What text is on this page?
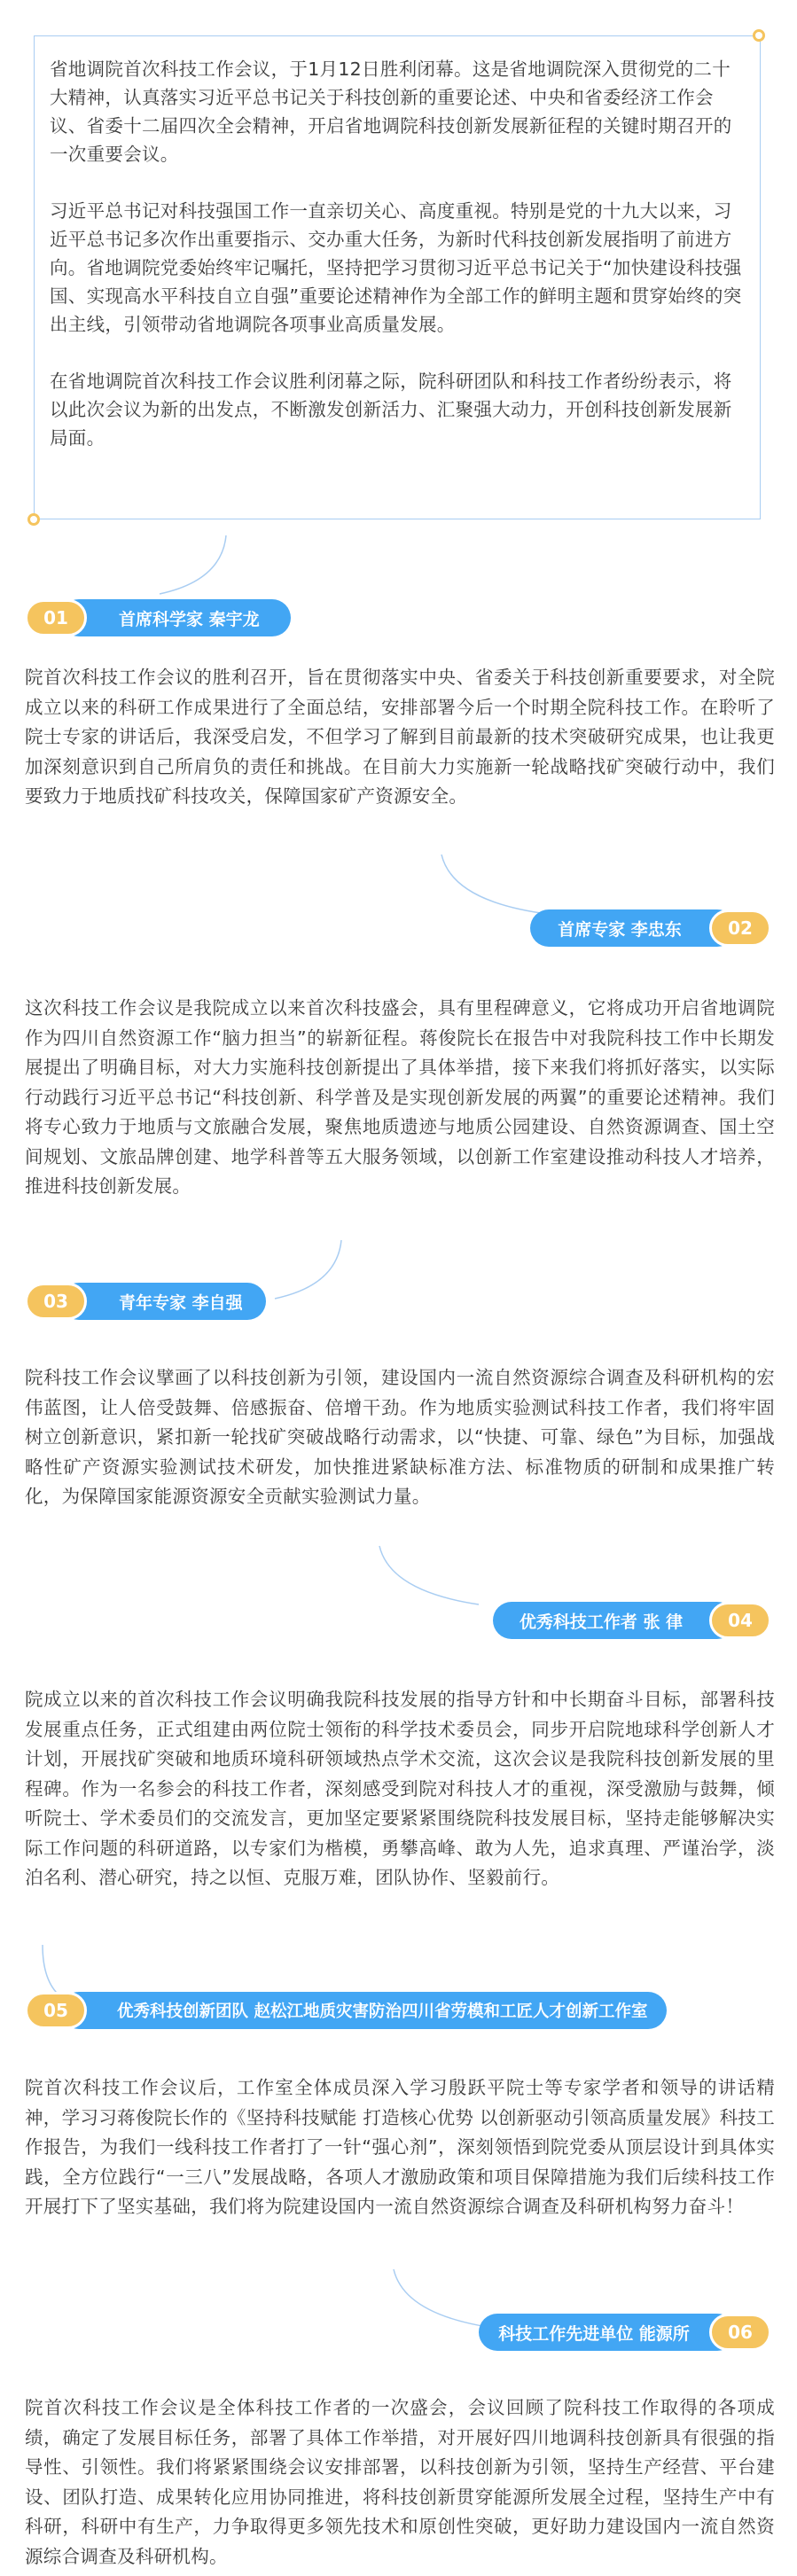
省地调院首次科技工作会议，于1月12日胜利闭幕。这是省地调院深入贯彻党的二十大精神，认真落实习近平总书记关于科技创新的重要论述、中央和省委经济工作会议、省委十二届四次全会精神，开启省地调院科技创新发展新征程的关键时期召开的一次重要会议。

习近平总书记对科技强国工作一直亲切关心、高度重视。特别是党的十九大以来，习近平总书记多次作出重要指示、交办重大任务，为新时代科技创新发展指明了前进方向。省地调院党委始终牢记嘱托，坚持把学习贯彻习近平总书记关于“加快建设科技强国、实现高水平科技自立自强”重要论述精神作为全部工作的鲜明主题和贯穿始终的突出主线，引领带动省地调院各项事业高质量发展。

在省地调院首次科技工作会议胜利闭幕之际，院科研团队和科技工作者纷纷表示，将以此次会议为新的出发点，不断激发创新活力、汇聚强大动力，开创科技创新发展新局面。

首席科学家 秦宇龙
01

院首次科技工作会议的胜利召开，旨在贯彻落实中央、省委关于科技创新重要要求，对全院成立以来的科研工作成果进行了全面总结，安排部署今后一个时期全院科技工作。在聆听了院士专家的讲话后，我深受启发，不但学习了解到目前最新的技术突破研究成果，也让我更加深刻意识到自己所肩负的责任和挑战。在目前大力实施新一轮战略找矿突破行动中，我们要致力于地质找矿科技攻关，保障国家矿产资源安全。

首席专家 李忠东	02

这次科技工作会议是我院成立以来首次科技盛会，具有里程碑意义，它将成功开启省地调院作为四川自然资源工作“脑力担当”的崭新征程。蒋俊院长在报告中对我院科技工作中长期发展提出了明确目标，对大力实施科技创新提出了具体举措，接下来我们将抓好落实，以实际行动践行习近平总书记“科技创新、科学普及是实现创新发展的两翼”的重要论述精神。我们将专心致力于地质与文旅融合发展，聚焦地质遗迹与地质公园建设、自然资源调查、国土空间规划、文旅品牌创建、地学科普等五大服务领域，以创新工作室建设推动科技人才培养，推进科技创新发展。

青年专家 李自强
03

院科技工作会议擘画了以科技创新为引领，建设国内一流自然资源综合调查及科研机构的宏伟蓝图，让人倍受鼓舞、倍感振奋、倍增干劲。作为地质实验测试科技工作者，我们将牢固树立创新意识，紧扣新一轮找矿突破战略行动需求，以“快捷、可靠、绿色”为目标，加强战略性矿产资源实验测试技术研发，加快推进紧缺标准方法、标准物质的研制和成果推广转化，为保障国家能源资源安全贡献实验测试力量。

优秀科技工作者 张 律	04

院成立以来的首次科技工作会议明确我院科技发展的指导方针和中长期奋斗目标，部署科技发展重点任务，正式组建由两位院士领衔的科学技术委员会，同步开启院地球科学创新人才计划，开展找矿突破和地质环境科研领域热点学术交流，这次会议是我院科技创新发展的里程碑。作为一名参会的科技工作者，深刻感受到院对科技人才的重视，深受激励与鼓舞，倾听院士、学术委员们的交流发言，更加坚定要紧紧围绕院科技发展目标，坚持走能够解决实际工作问题的科研道路，以专家们为楷模，勇攀高峰、敢为人先，追求真理、严谨治学，淡泊名利、潜心研究，持之以恒、克服万难，团队协作、坚毅前行。

优秀科技创新团队 赵松江地质灾害防治四川省劳模和工匠人才创新工作室
05

院首次科技工作会议后，工作室全体成员深入学习殷跃平院士等专家学者和领导的讲话精神，学习习蒋俊院长作的《坚持科技赋能 打造核心优势 以创新驱动引领高质量发展》科技工作报告，为我们一线科技工作者打了一针“强心剂”，深刻领悟到院党委从顶层设计到具体实践，全方位践行“一三八”发展战略，各项人才激励政策和项目保障措施为我们后续科技工作开展打下了坚实基础，我们将为院建设国内一流自然资源综合调查及科研机构努力奋斗！

科技工作先进单位 能源所	06

院首次科技工作会议是全体科技工作者的一次盛会，会议回顾了院科技工作取得的各项成绩，确定了发展目标任务，部署了具体工作举措，对开展好四川地调科技创新具有很强的指导性、引领性。我们将紧紧围绕会议安排部署，以科技创新为引领，坚持生产经营、平台建设、团队打造、成果转化应用协同推进，将科技创新贯穿能源所发展全过程，坚持生产中有科研，科研中有生产，力争取得更多领先技术和原创性突破，更好助力建设国内一流自然资源综合调查及科研机构。
